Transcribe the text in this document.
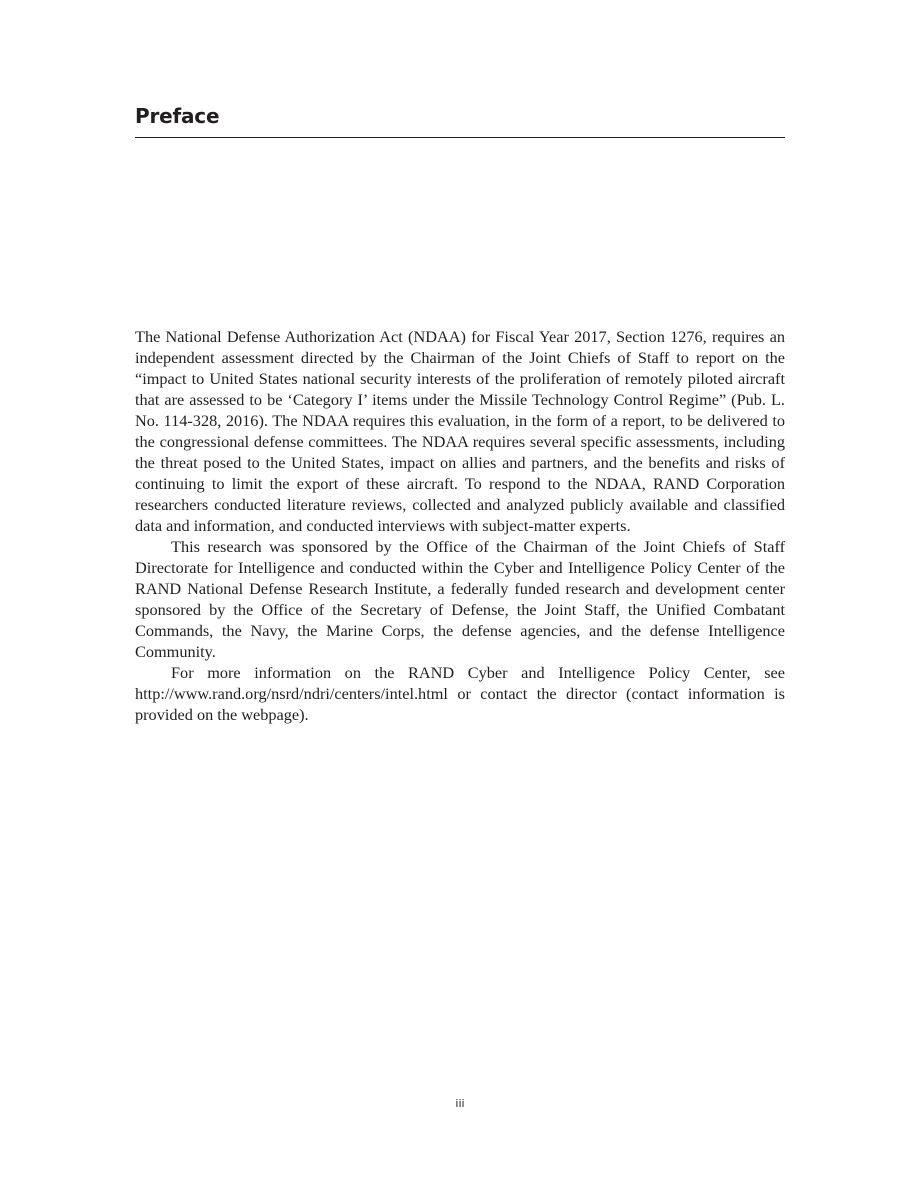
Preface

The National Defense Authorization Act (NDAA) for Fiscal Year 2017, Section 1276, requires an independent assessment directed by the Chairman of the Joint Chiefs of Staff to report on the “impact to United States national security interests of the proliferation of remotely piloted aircraft that are assessed to be ‘Category I’ items under the Missile Technology Control Regime” (Pub. L. No. 114-328, 2016). The NDAA requires this evaluation, in the form of a report, to be delivered to the congressional defense committees. The NDAA requires several specific assessments, including the threat posed to the United States, impact on allies and partners, and the benefits and risks of continuing to limit the export of these aircraft. To respond to the NDAA, RAND Corporation researchers conducted literature reviews, collected and analyzed publicly available and classified data and information, and conducted interviews with subject-matter experts.

This research was sponsored by the Office of the Chairman of the Joint Chiefs of Staff Directorate for Intelligence and conducted within the Cyber and Intelligence Policy Center of the RAND National Defense Research Institute, a federally funded research and development center sponsored by the Office of the Secretary of Defense, the Joint Staff, the Unified Combatant Commands, the Navy, the Marine Corps, the defense agencies, and the defense Intelligence Community.

For more information on the RAND Cyber and Intelligence Policy Center, see http://www.rand.org/nsrd/ndri/centers/intel.html or contact the director (contact information is provided on the webpage).

iii
